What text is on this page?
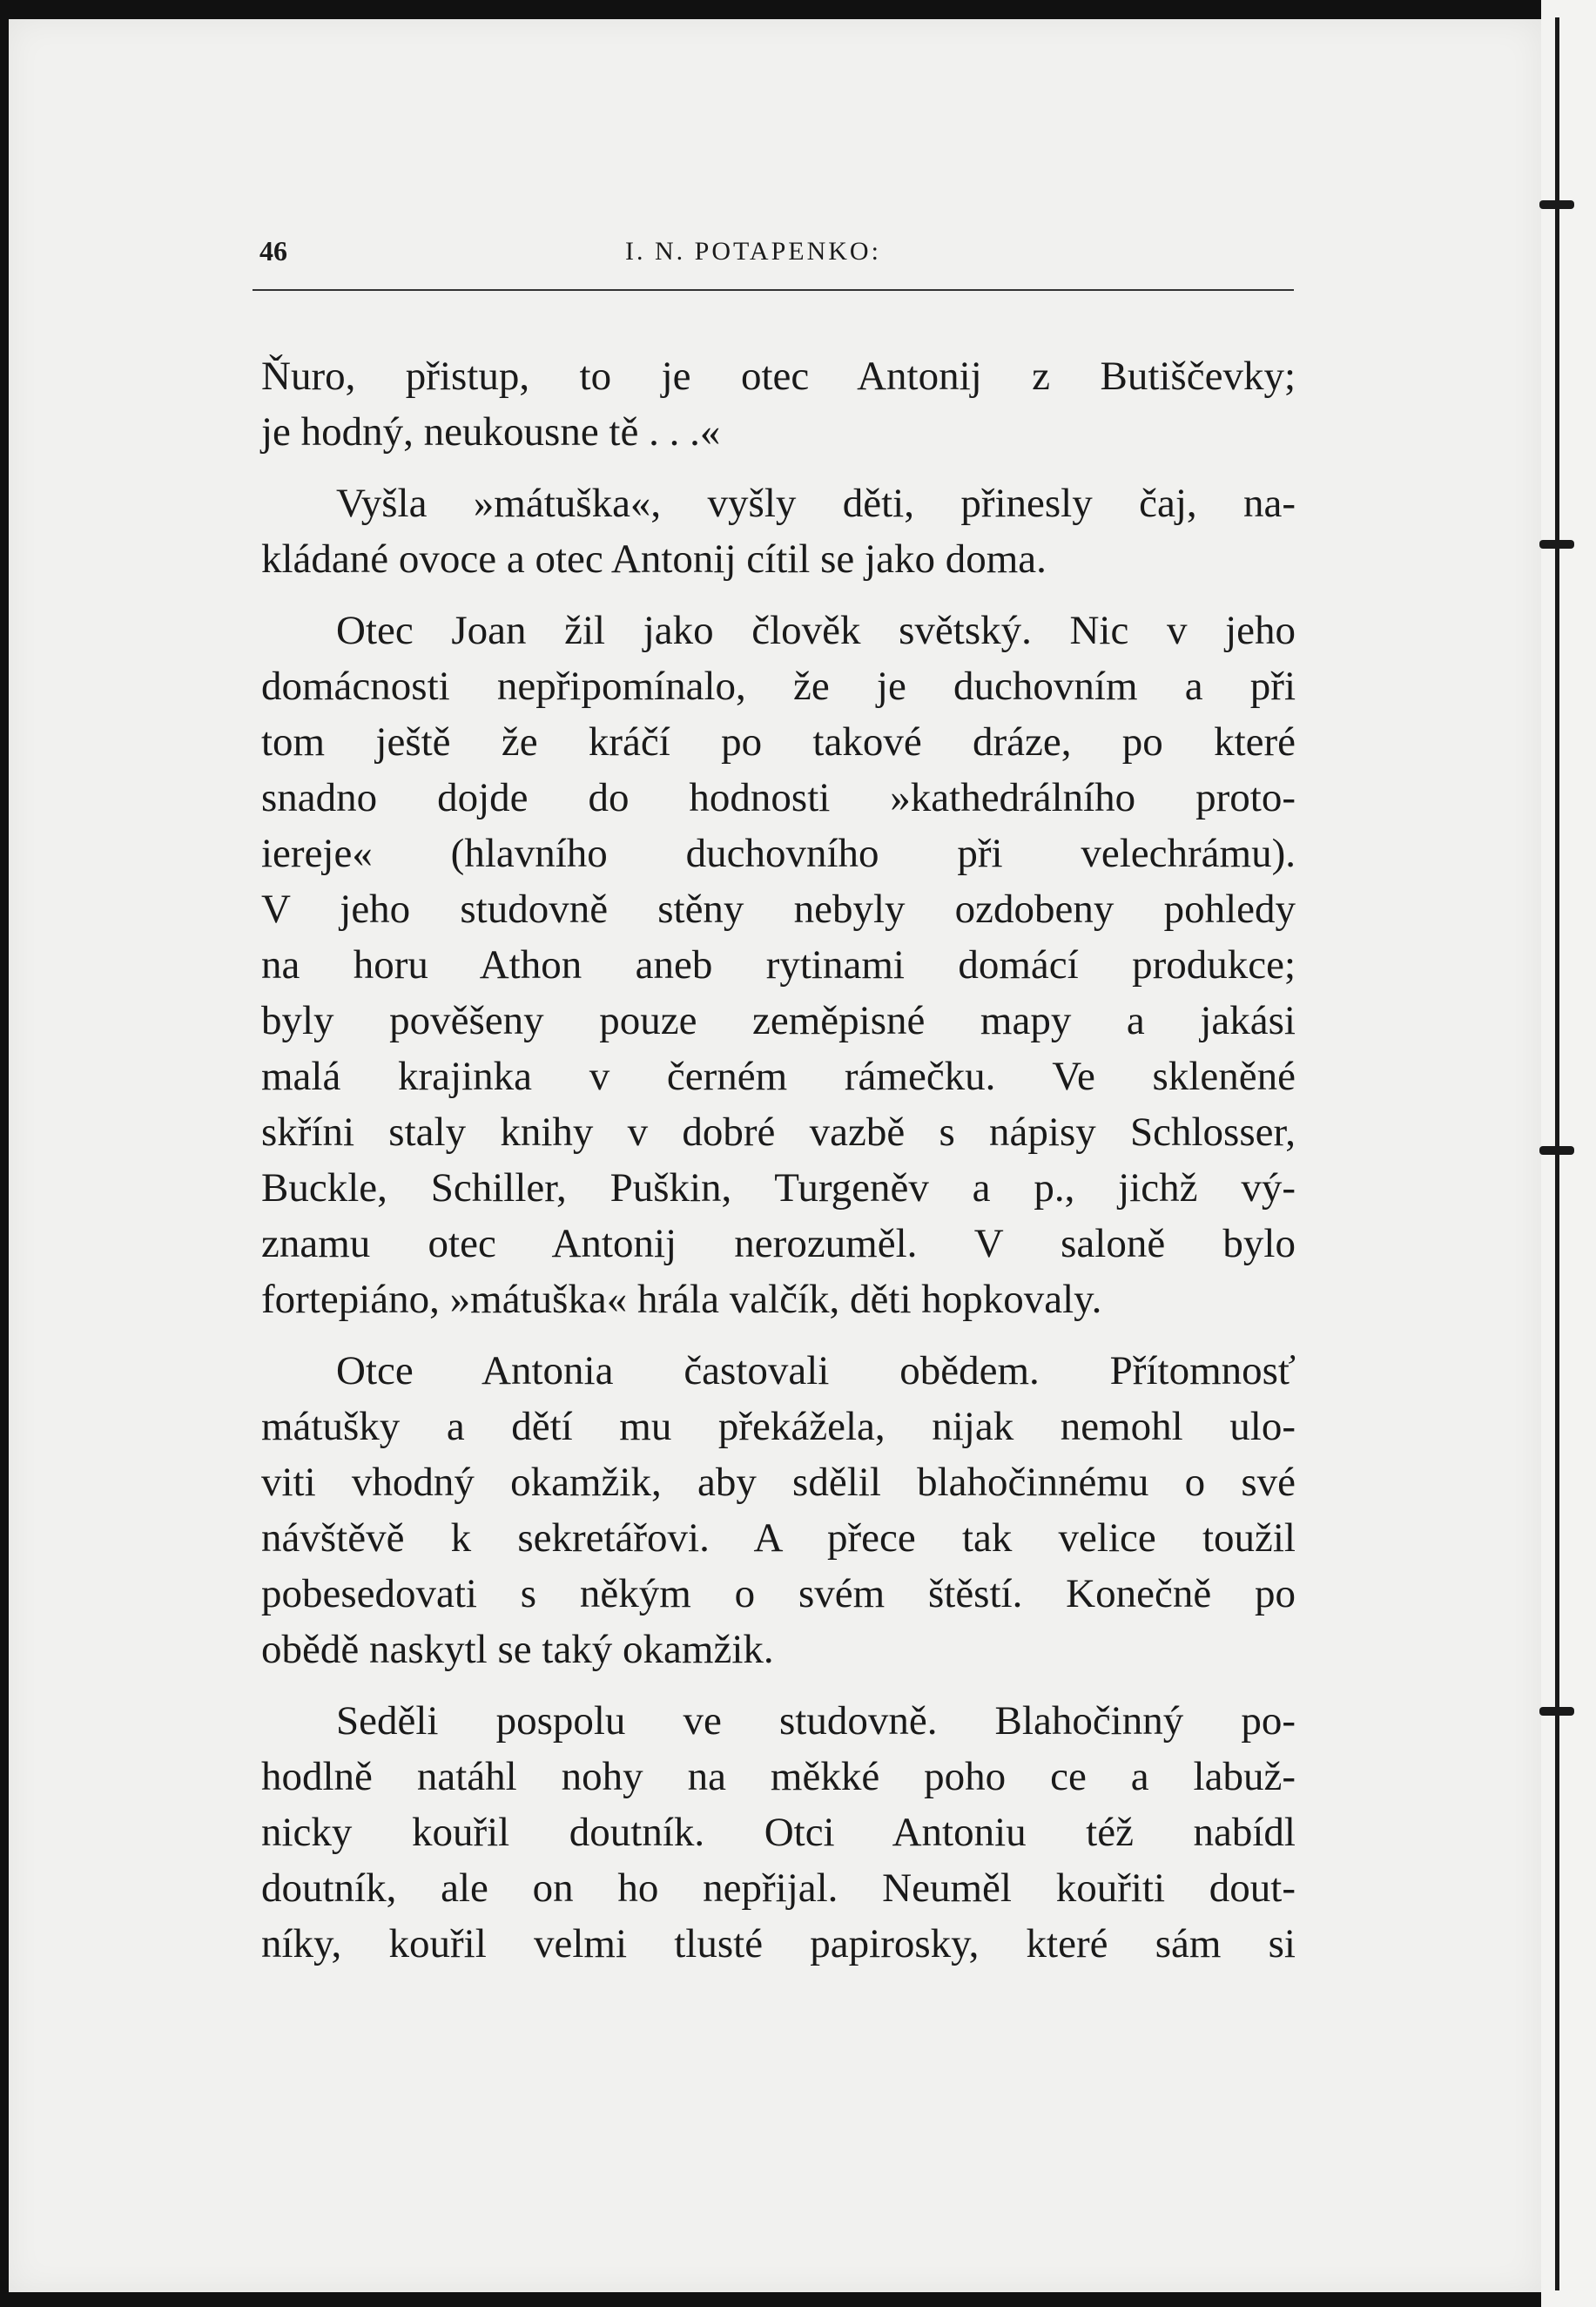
46	I. N. POTAPENKO:

Ňuro, přistup, to je otec Antonij z Butiščevky;

je hodný, neukousne tě . . .«

Vyšla »mátuška«, vyšly děti, přinesly čaj, na-

kládané ovoce a otec Antonij cítil se jako doma.

Otec Joan žil jako člověk světský. Nic v jeho

domácnosti nepřipomínalo, že je duchovním a při

tom ještě že kráčí po takové dráze, po které

snadno dojde do hodnosti »kathedrálního proto-

iereje« (hlavního duchovního při velechrámu).

V jeho studovně stěny nebyly ozdobeny pohledy

na horu Athon aneb rytinami domácí produkce;

byly pověšeny pouze zeměpisné mapy a jakási

malá krajinka v černém rámečku. Ve skleněné

skříni staly knihy v dobré vazbě s nápisy Schlosser,

Buckle, Schiller, Puškin, Turgeněv a p., jichž vý-

znamu otec Antonij nerozuměl. V saloně bylo

fortepiáno, »mátuška« hrála valčík, děti hopkovaly.

Otce Antonia častovali obědem. Přítomnosť

mátušky a dětí mu překážela, nijak nemohl ulo-

viti vhodný okamžik, aby sdělil blahočinnému o své

návštěvě k sekretářovi. A přece tak velice toužil

pobesedovati s někým o svém štěstí. Konečně po

obědě naskytl se taký okamžik.

Seděli pospolu ve studovně. Blahočinný po-

hodlně natáhl nohy na měkké poho ce a labuž-

nicky kouřil doutník. Otci Antoniu též nabídl

doutník, ale on ho nepřijal. Neuměl kouřiti dout-

níky, kouřil velmi tlusté papirosky, které sám si
